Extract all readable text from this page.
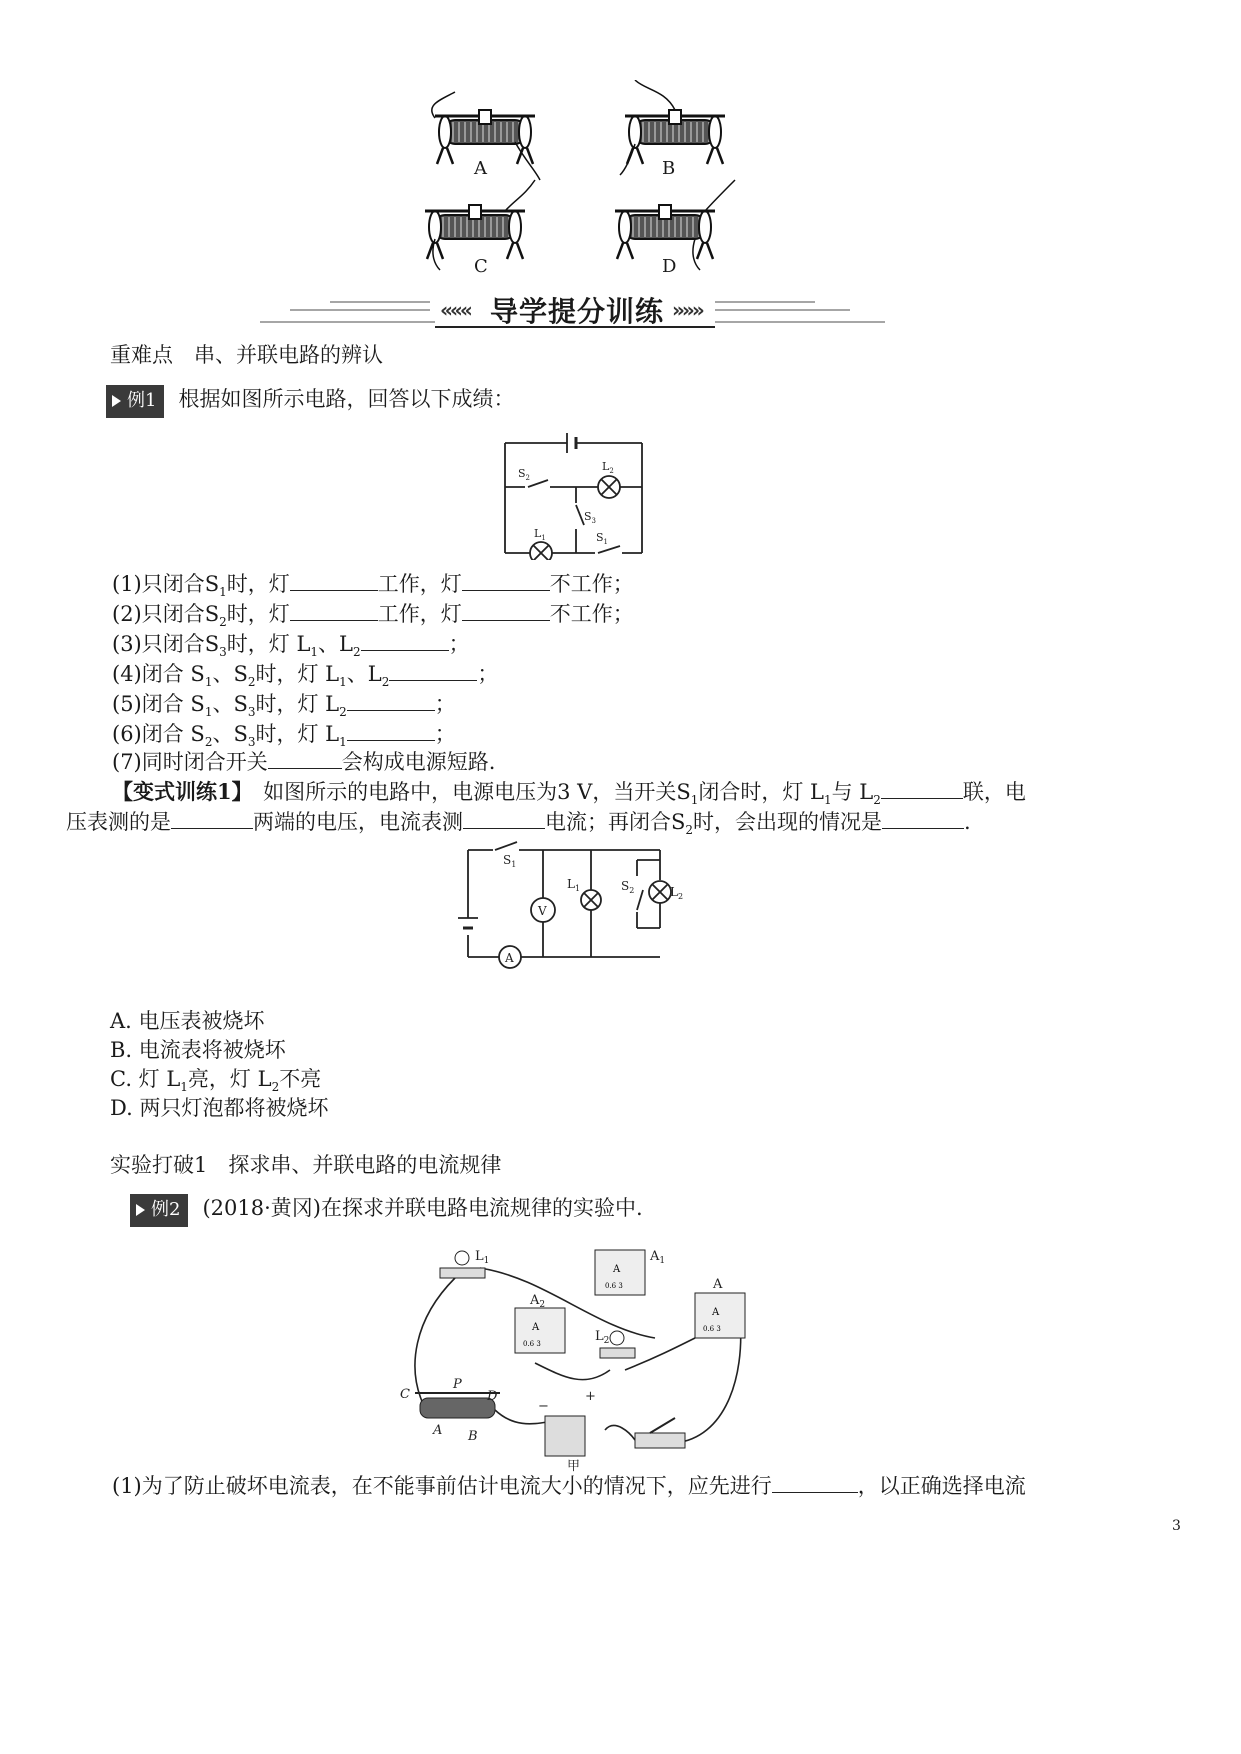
A	B
C	D
««« 导学提分训练 »»»
重难点　串、并联电路的辨认
例1 根据如图所示电路，回答以下成绩：
$S_2$
$L_2$
$S_3$
$L_1$	$S_1$
(1)只闭合$S_1$时，灯	工作，灯	不工作；
(2)只闭合$S_2$时，灯	工作，灯	不工作；
(3)只闭合$S_3$时，灯 $L_1$、$L_2$	；
(4)闭合 $S_1$、$S_2$时，灯 $L_1$、$L_2$	；
(5)闭合 $S_1$、$S_3$时，灯 $L_2$	；
(6)闭合 $S_2$、$S_3$时，灯 $L_1$	；
(7)同时闭合开关	会构成电源短路.
【变式训练1】　 如图所示的电路中，电源电压为3 V，当开关$S_1$闭合时，灯 $L_1$与 $L_2$	联，电
压表测的是	两端的电压，电流表测	电流；再闭合$S_2$时，会出现的情况是	.
$S_1$
V
$L_1$	$S_2$	$L_2$
A
A. 电压表被烧坏
B. 电流表将被烧坏
C. 灯 $L_1$亮，灯 $L_2$不亮
D. 两只灯泡都将被烧坏
实验打破1　探求串、并联电路的电流规律
例2 (2018·黄冈)在探求并联电路电流规律的实验中.
A
0.6 3
A
0.6 3
A
0.6 3
$L_1$
$A_2$
$A_1$
A
$L_2$
C
P
D
A B
−
+
甲
(1)为了防止破坏电流表，在不能事前估计电流大小的情况下，应先进行	，以正确选择电流
3
